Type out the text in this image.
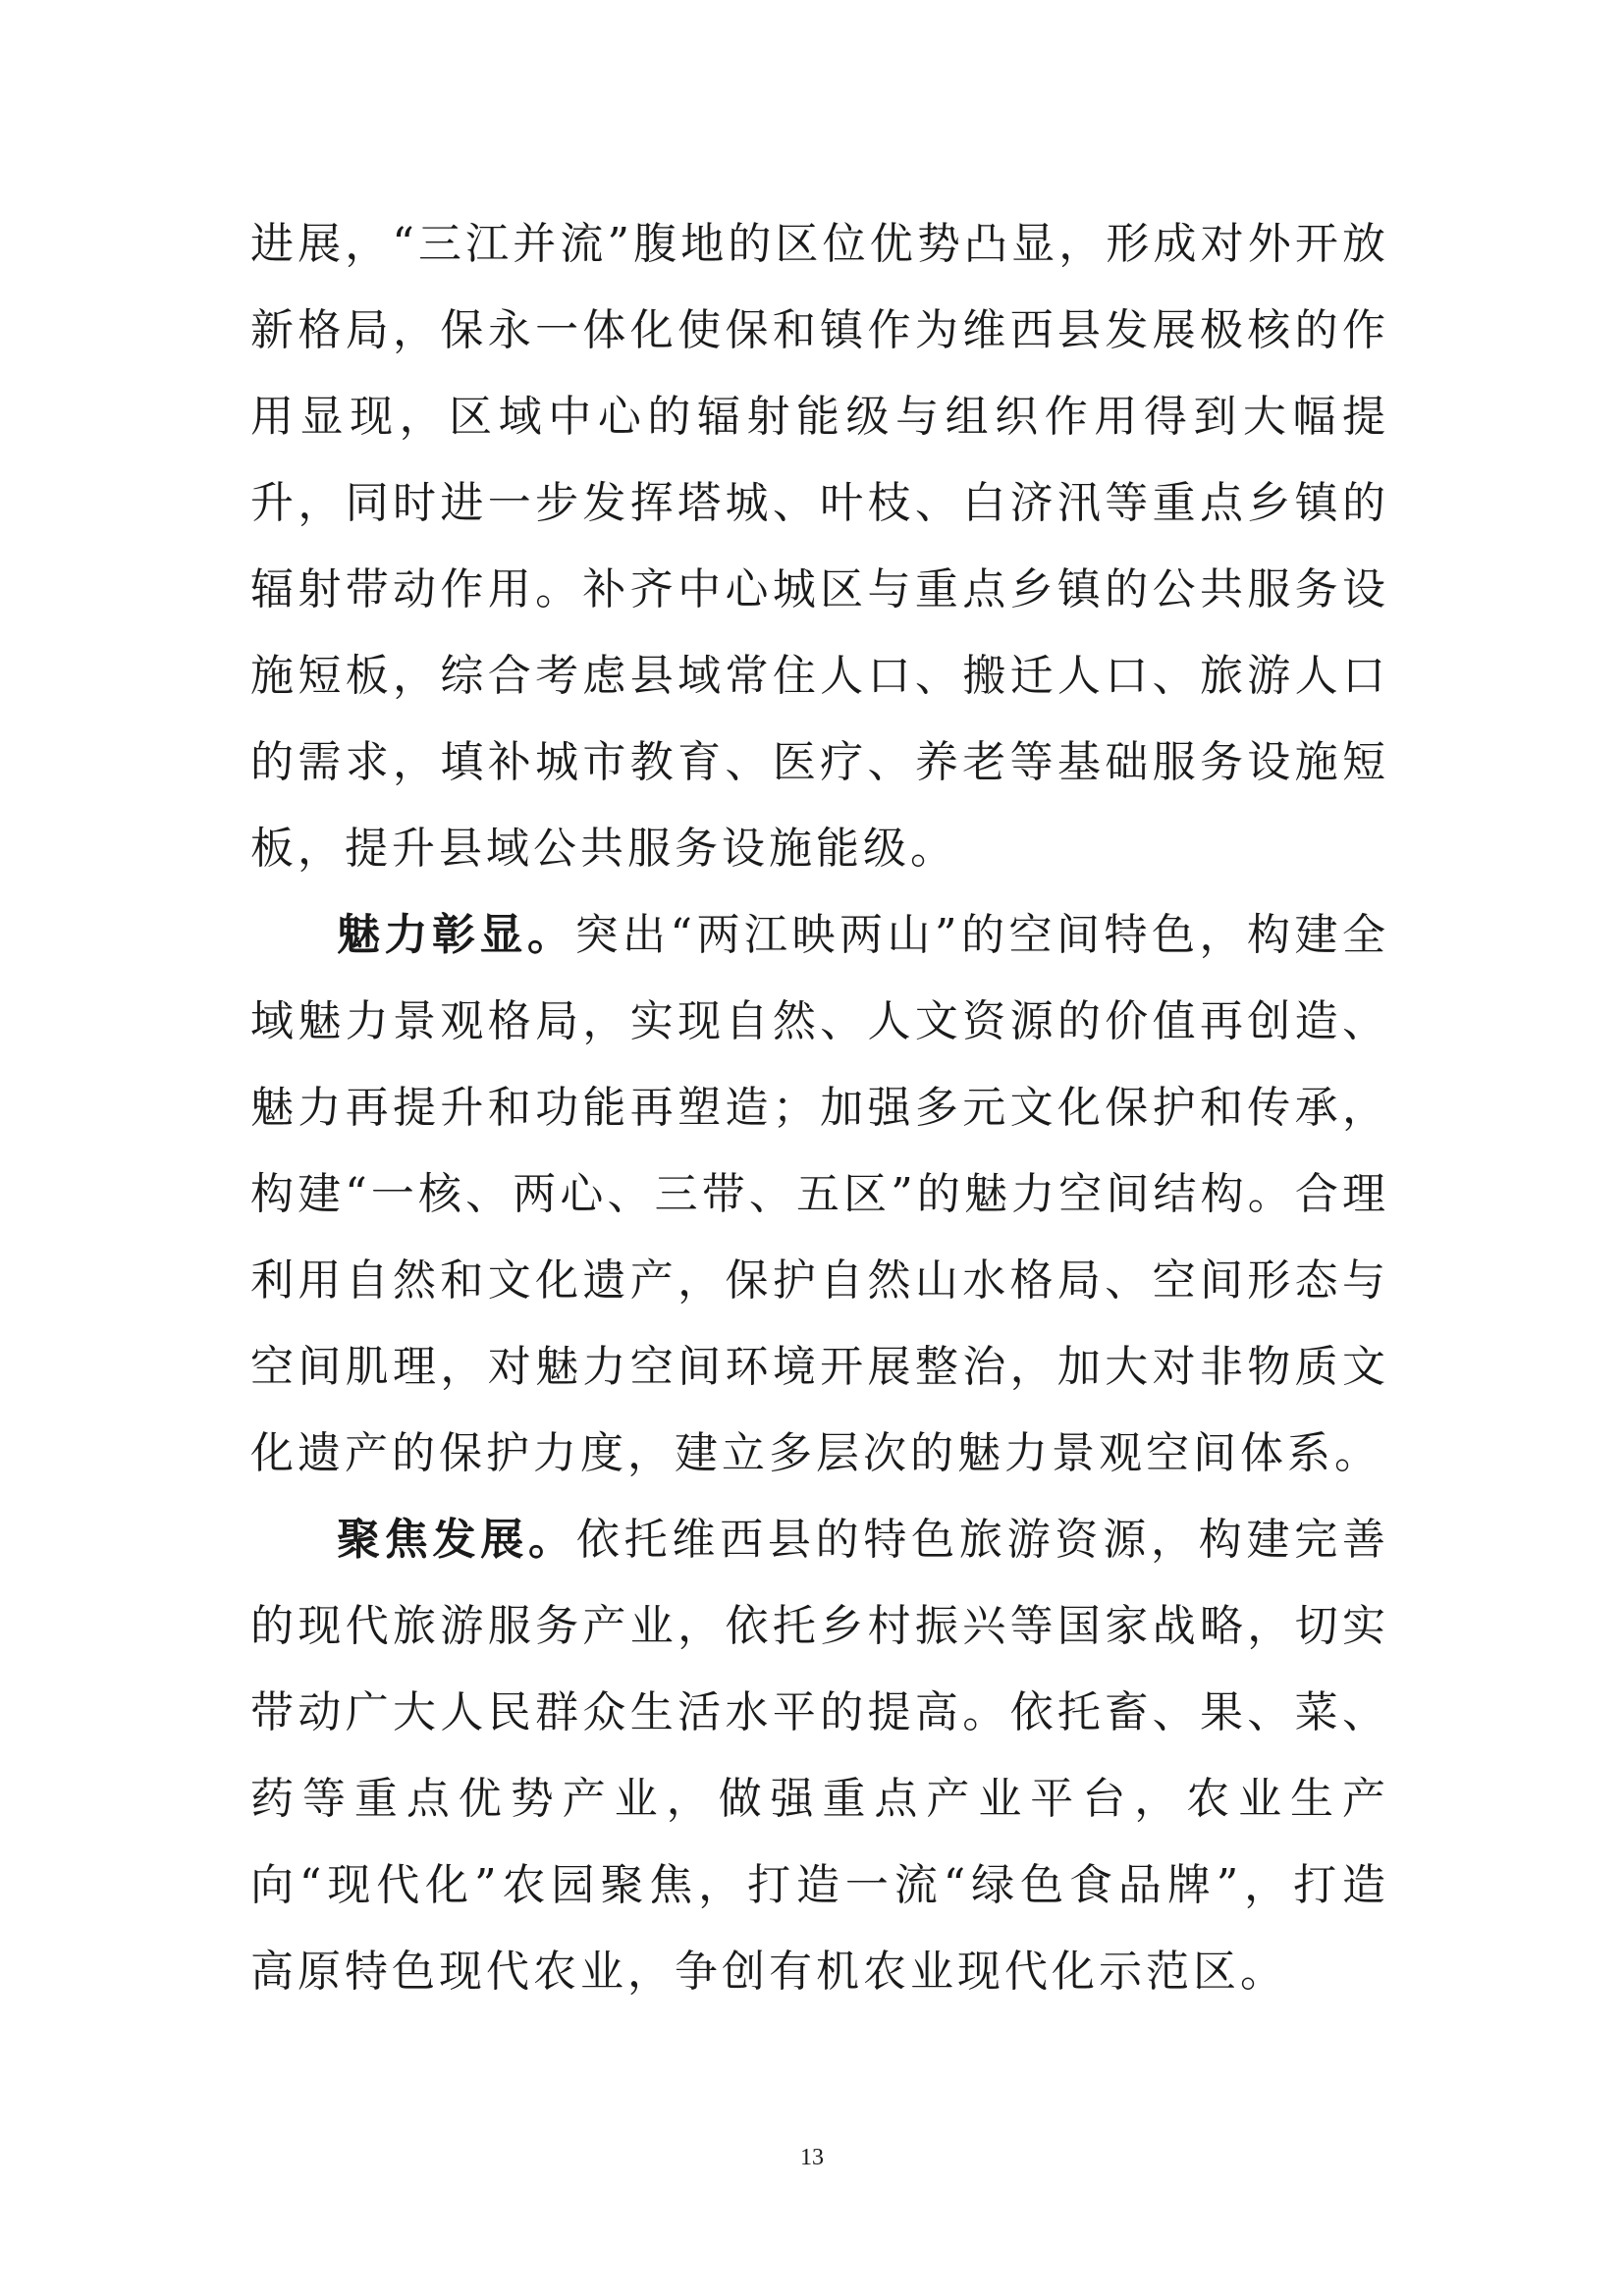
进展，“三江并流”腹地的区位优势凸显，形成对外开放新格局，保永一体化使保和镇作为维西县发展极核的作用显现，区域中心的辐射能级与组织作用得到大幅提升，同时进一步发挥塔城、叶枝、白济汛等重点乡镇的辐射带动作用。补齐中心城区与重点乡镇的公共服务设施短板，综合考虑县域常住人口、搬迁人口、旅游人口的需求，填补城市教育、医疗、养老等基础服务设施短板，提升县域公共服务设施能级。

魅力彰显。突出“两江映两山”的空间特色，构建全域魅力景观格局，实现自然、人文资源的价值再创造、魅力再提升和功能再塑造；加强多元文化保护和传承，构建“一核、两心、三带、五区”的魅力空间结构。合理利用自然和文化遗产，保护自然山水格局、空间形态与空间肌理，对魅力空间环境开展整治，加大对非物质文化遗产的保护力度，建立多层次的魅力景观空间体系。

聚焦发展。依托维西县的特色旅游资源，构建完善的现代旅游服务产业，依托乡村振兴等国家战略，切实带动广大人民群众生活水平的提高。依托畜、果、菜、药等重点优势产业，做强重点产业平台，农业生产向“现代化”农园聚焦，打造一流“绿色食品牌”，打造高原特色现代农业，争创有机农业现代化示范区。

13
